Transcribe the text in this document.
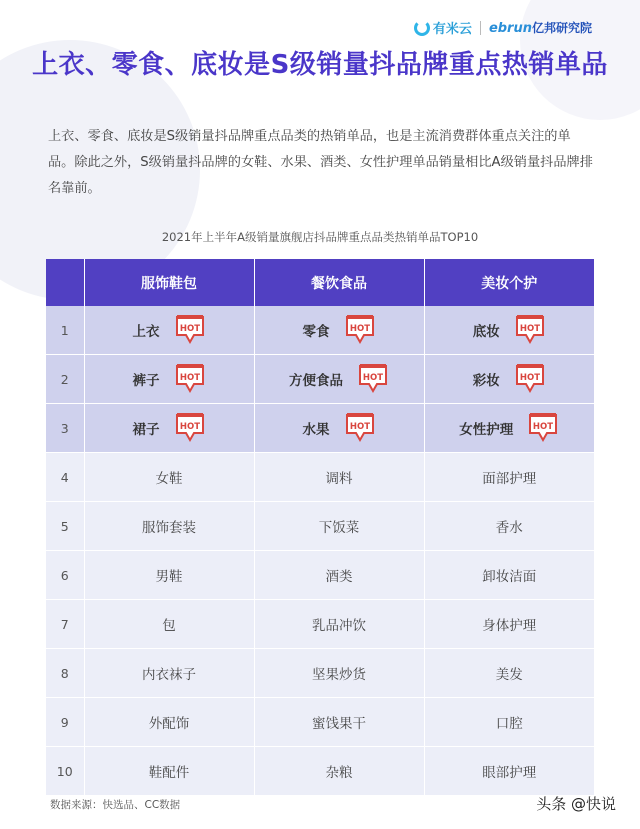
有米云 ebrun 亿邦研究院
上衣、零食、底妆是S级销量抖品牌重点热销单品
上衣、零食、底妆是S级销量抖品牌重点品类的热销单品，也是主流消费群体重点关注的单品。除此之外，S级销量抖品牌的女鞋、水果、酒类、女性护理单品销量相比A级销量抖品牌排名靠前。
2021年上半年A级销量旗舰店抖品牌重点品类热销单品TOP10
	服饰鞋包	餐饮食品	美妆个护
1	上衣 HOT	零食 HOT	底妆 HOT

2	裤子 HOT	方便食品 HOT	彩妆 HOT

3	裙子 HOT	水果 HOT	女性护理 HOT

4	女鞋	调料	面部护理
5	服饰套装	下饭菜	香水
6	男鞋	酒类	卸妆洁面
7	包	乳品冲饮	身体护理
8	内衣袜子	坚果炒货	美发
9	外配饰	蜜饯果干	口腔
10	鞋配件	杂粮	眼部护理
数据来源：快选品、CC数据	头条 @快说
